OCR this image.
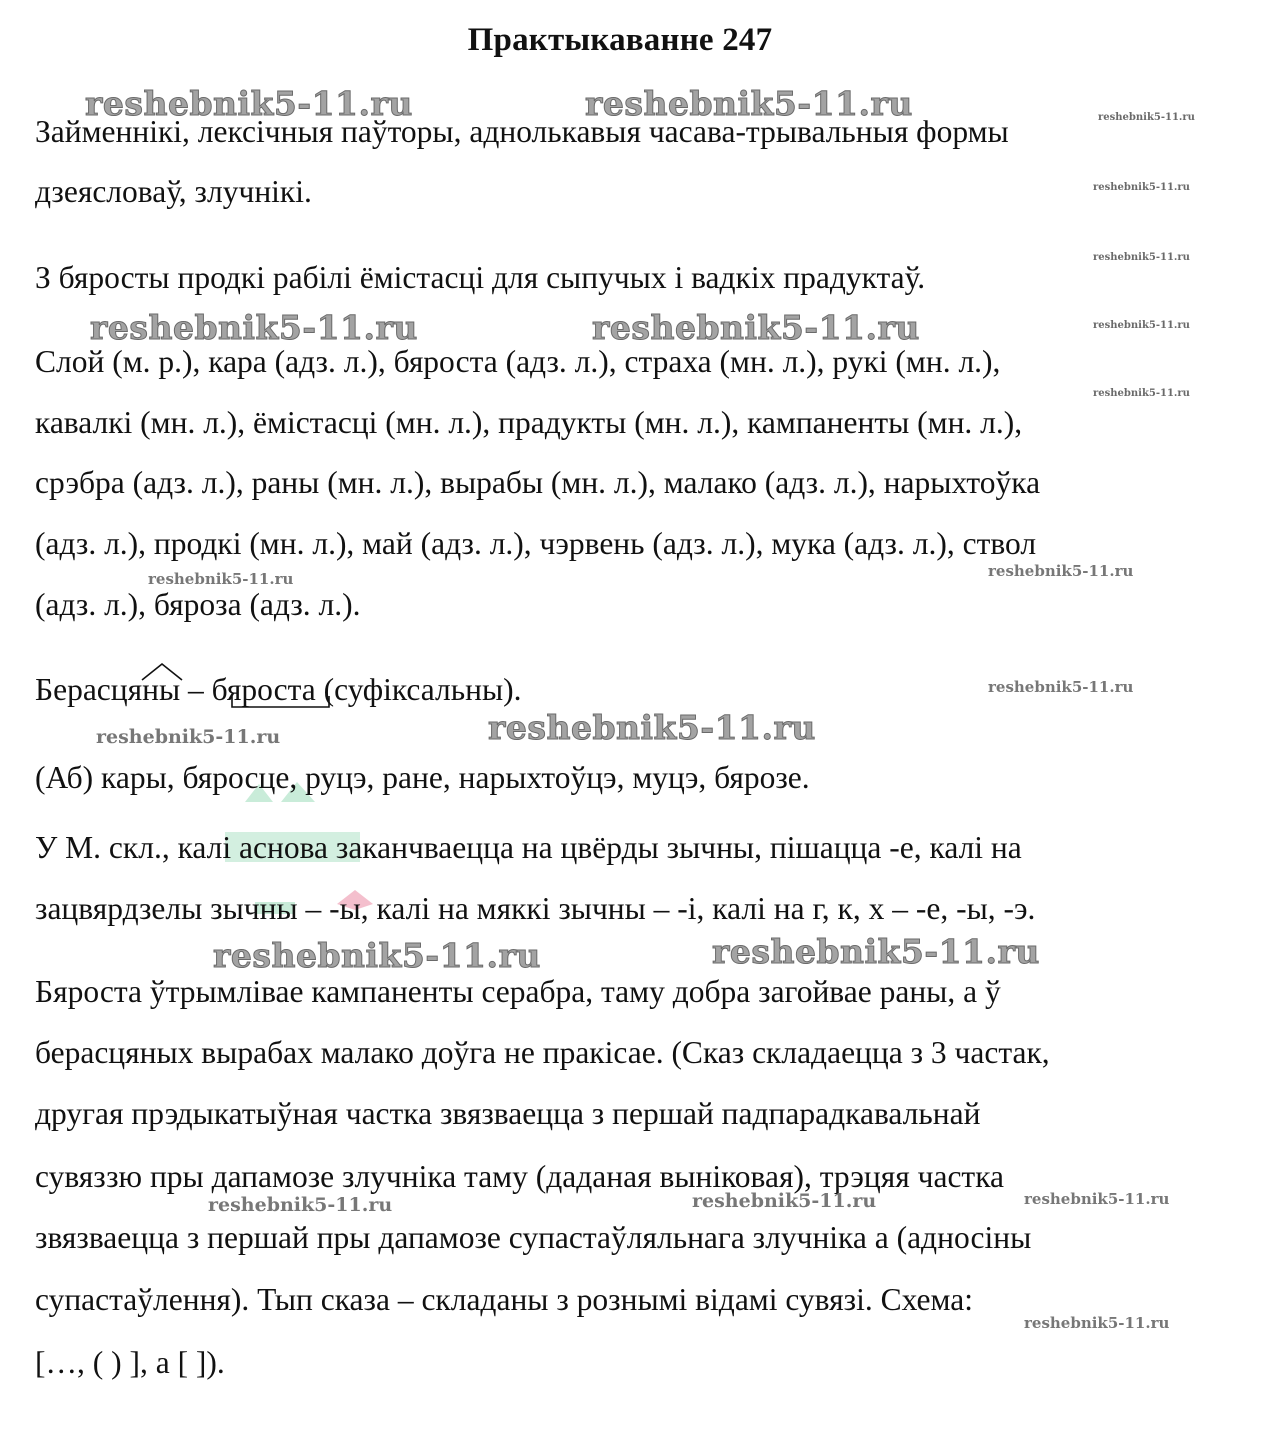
Практыкаванне 247
Займеннікі, лексічныя паўторы, аднолькавыя часава-трывальныя формы
дзеясловаў, злучнікі.
З бяросты продкі рабілі ёмістасці для сыпучых і вадкіх прадуктаў.
Слой (м. р.), кара (адз. л.), бяроста (адз. л.), страха (мн. л.), рукі (мн. л.),
кавалкі (мн. л.), ёмістасці (мн. л.), прадукты (мн. л.), кампаненты (мн. л.),
срэбра (адз. л.), раны (мн. л.), вырабы (мн. л.), малако (адз. л.), нарыхтоўка
(адз. л.), продкі (мн. л.), май (адз. л.), чэрвень (адз. л.), мука (адз. л.), ствол
(адз. л.), бяроза (адз. л.).
Берасцяны – бяроста (суфіксальны).
(Аб) кары, бяросце, руцэ, ране, нарыхтоўцэ, муцэ, бярозе.
У М. скл., калі аснова заканчваецца на цвёрды зычны, пішацца -е, калі на
зацвярдзелы зычны – -ы, калі на мяккі зычны – -і, калі на г, к, х – -е, -ы, -э.
Бяроста ўтрымлівае кампаненты серабра, таму добра загойвае раны, а ў
берасцяных вырабах малако доўга не пракісае. (Сказ складаецца з 3 частак,
другая прэдыкатыўная частка звязваецца з першай падпарадкавальнай
сувяззю пры дапамозе злучніка таму (даданая выніковая), трэцяя частка
звязваецца з першай пры дапамозе супастаўляльнага злучніка а (адносіны
супастаўлення). Тып сказа – складаны з рознымі відамі сувязі. Схема:
[…, ( ) ], а [ ]).
reshebnik5-11.ru	reshebnik5-11.ru
reshebnik5-11.ru	reshebnik5-11.ru
reshebnik5-11.ru
reshebnik5-11.ru	reshebnik5-11.ru
reshebnik5-11.ru
reshebnik5-11.ru
reshebnik5-11.ru
reshebnik5-11.ru
reshebnik5-11.ru	reshebnik5-11.ru	reshebnik5-11.ru
reshebnik5-11.ru
reshebnik5-11.ru
reshebnik5-11.ru
reshebnik5-11.ru
reshebnik5-11.ru
reshebnik5-11.ru
